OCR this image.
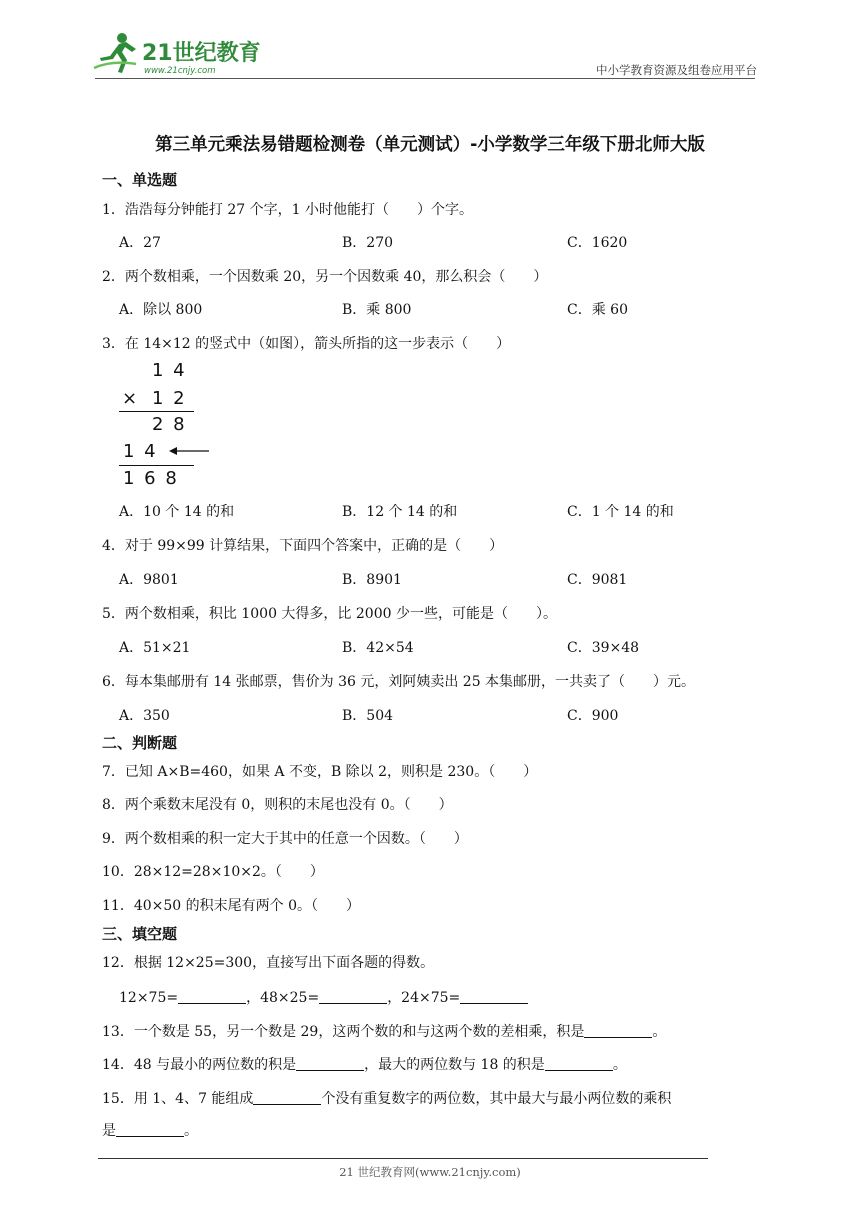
21世纪教育
www.21cnjy.com	中小学教育资源及组卷应用平台
第三单元乘法易错题检测卷（单元测试）-小学数学三年级下册北师大版
一、单选题
1．浩浩每分钟能打 27 个字，1 小时他能打（　　）个字。
A．27	B．270	C．1620
2．两个数相乘，一个因数乘 20，另一个因数乘 40，那么积会（　　）
A．除以 800	B．乘 800	C．乘 60
3．在 14×12 的竖式中（如图），箭头所指的这一步表示（　　）
1 4
× 1 2
2 8
1 4
1 6 8
A．10 个 14 的和	B．12 个 14 的和	C．1 个 14 的和
4．对于 99×99 计算结果，下面四个答案中，正确的是（　　）
A．9801	B．8901	C．9081
5．两个数相乘，积比 1000 大得多，比 2000 少一些，可能是（　　）。
A．51×21	B．42×54	C．39×48
6．每本集邮册有 14 张邮票，售价为 36 元，刘阿姨卖出 25 本集邮册，一共卖了（　　）元。
A．350	B．504	C．900
二、判断题
7．已知 A×B=460，如果 A 不变，B 除以 2，则积是 230。（　　）
8．两个乘数末尾没有 0，则积的末尾也没有 0。（　　）
9．两个数相乘的积一定大于其中的任意一个因数。（　　）
10．28×12=28×10×2。（　　）
11．40×50 的积末尾有两个 0。（　　）
三、填空题
12．根据 12×25=300，直接写出下面各题的得数。
12×75=	，48×25=	，24×75=
13．一个数是 55，另一个数是 29，这两个数的和与这两个数的差相乘，积是	。
14．48 与最小的两位数的积是	，最大的两位数与 18 的积是	。
15．用 1、4、7 能组成	个没有重复数字的两位数，其中最大与最小两位数的乘积
是	。
21 世纪教育网(www.21cnjy.com)
